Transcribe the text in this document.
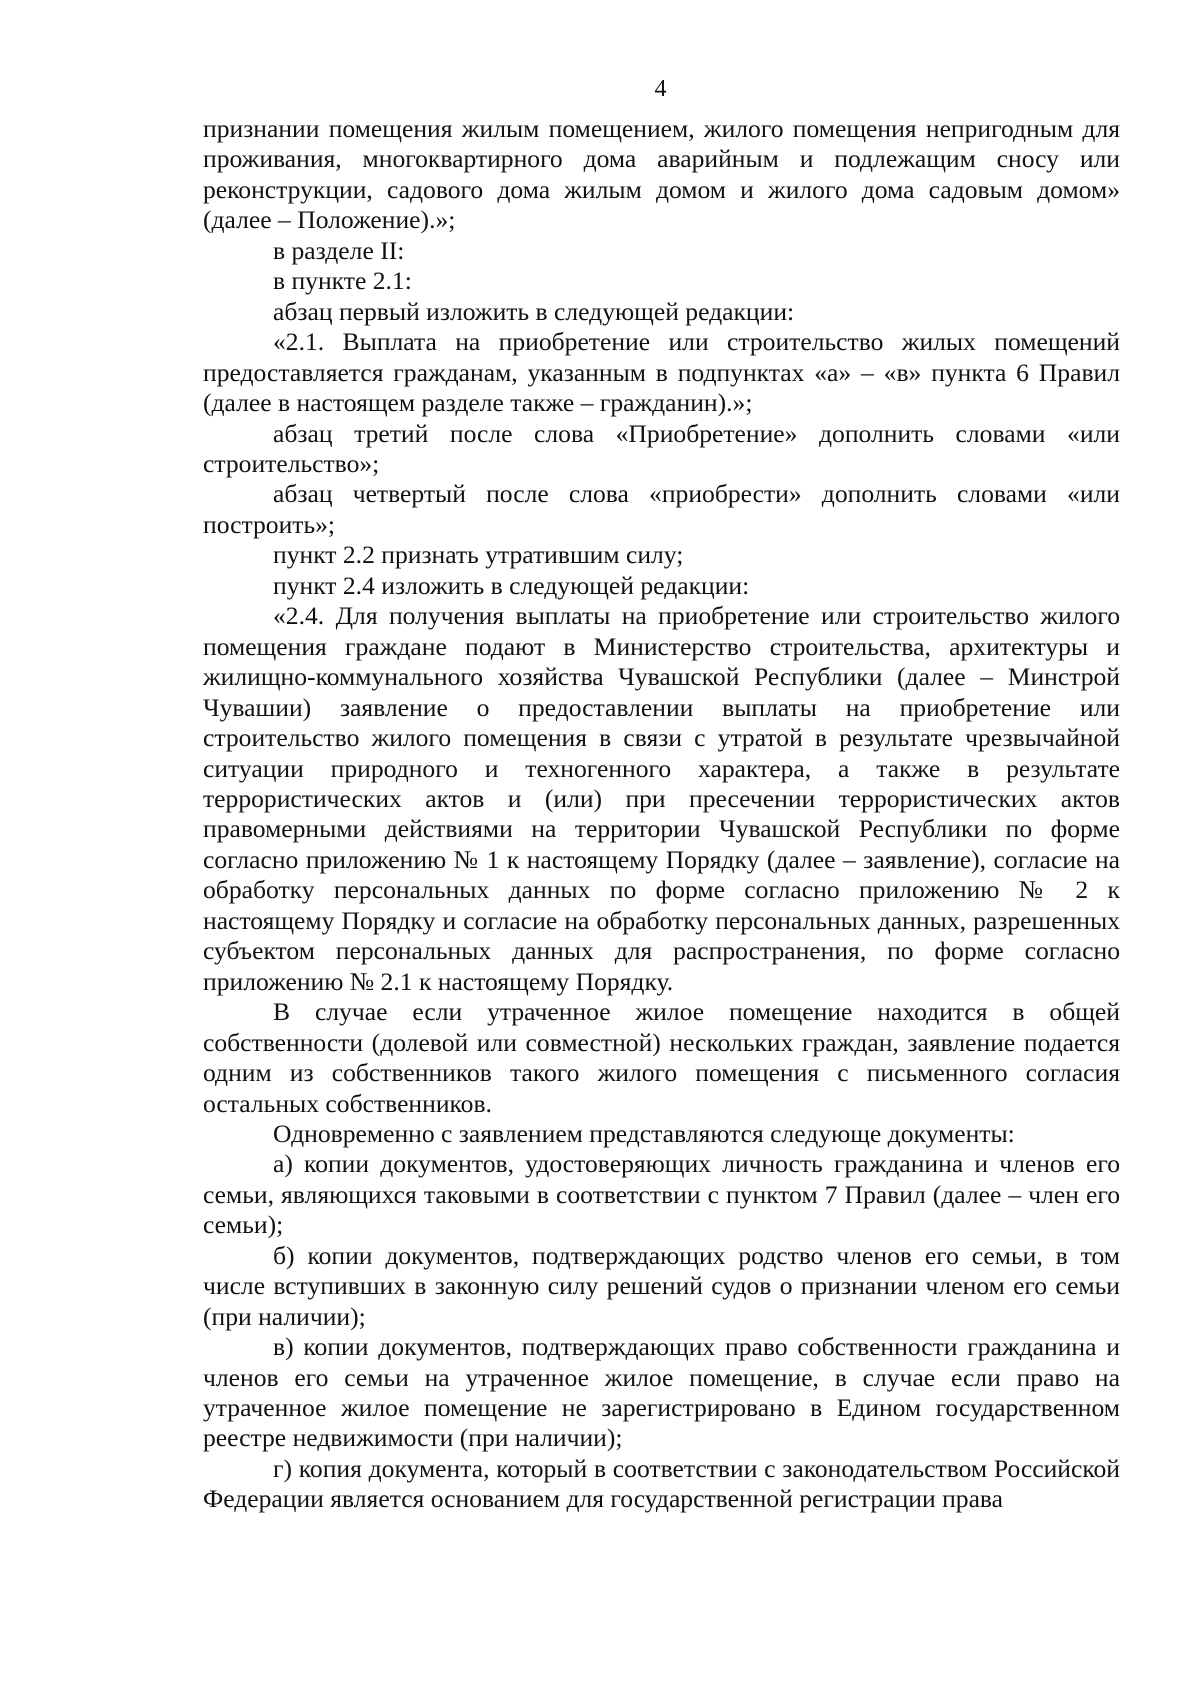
4

признании помещения жилым помещением, жилого помещения непригодным для проживания, многоквартирного дома аварийным и подлежащим сносу или реконструкции, садового дома жилым домом и жилого дома садовым домом» (далее – Положение).»;

в разделе II:

в пункте 2.1:

абзац первый изложить в следующей редакции:

«2.1. Выплата на приобретение или строительство жилых помещений предоставляется гражданам, указанным в подпунктах «а» – «в» пункта 6 Правил (далее в настоящем разделе также – гражданин).»;

абзац третий после слова «Приобретение» дополнить словами «или строительство»;

абзац четвертый после слова «приобрести» дополнить словами «или построить»;

пункт 2.2 признать утратившим силу;

пункт 2.4 изложить в следующей редакции:

«2.4. Для получения выплаты на приобретение или строительство жилого помещения граждане подают в Министерство строительства, архитектуры и жилищно-коммунального хозяйства Чувашской Республики (далее – Минстрой Чувашии) заявление о предоставлении выплаты на приобретение или строительство жилого помещения в связи с утратой в результате чрезвычайной ситуации природного и техногенного характера, а также в результате террористических актов и (или) при пресечении террористических актов правомерными действиями на территории Чувашской Республики по форме согласно приложению № 1 к настоящему Порядку (далее – заявление), согласие на обработку персональных данных по форме согласно приложению № 2 к настоящему Порядку и согласие на обработку персональных данных, разрешенных субъектом персональных данных для распространения, по форме согласно приложению № 2.1 к настоящему Порядку.

В случае если утраченное жилое помещение находится в общей собственности (долевой или совместной) нескольких граждан, заявление подается одним из собственников такого жилого помещения с письменного согласия остальных собственников.

Одновременно с заявлением представляются следующе документы:

а) копии документов, удостоверяющих личность гражданина и членов его семьи, являющихся таковыми в соответствии с пунктом 7 Правил (далее – член его семьи);

б) копии документов, подтверждающих родство членов его семьи, в том числе вступивших в законную силу решений судов о признании членом его семьи (при наличии);

в) копии документов, подтверждающих право собственности гражданина и членов его семьи на утраченное жилое помещение, в случае если право на утраченное жилое помещение не зарегистрировано в Едином государственном реестре недвижимости (при наличии);

г) копия документа, который в соответствии с законодательством Российской Федерации является основанием для государственной регистрации права
